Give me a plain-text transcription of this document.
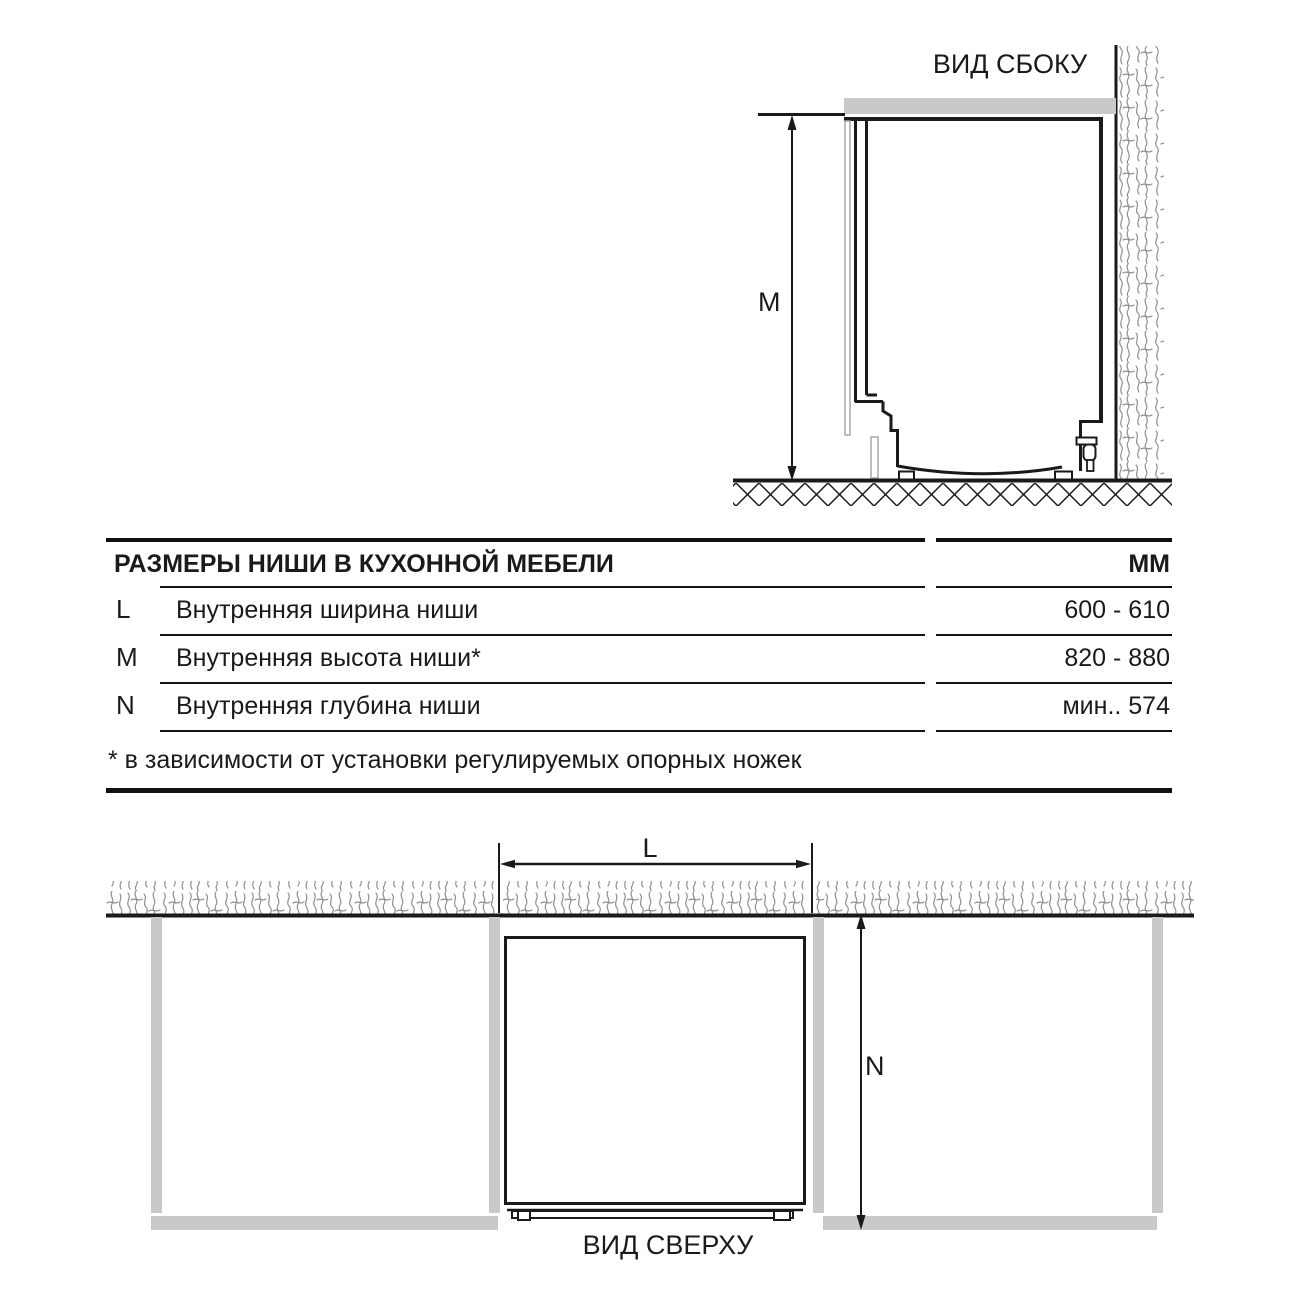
ВИД СБОКУ
M
L
N
ВИД СВЕРХУ
РАЗМЕРЫ НИШИ В КУХОННОЙ МЕБЕЛИ	ММ
L Внутренняя ширина ниши	600 - 610
M Внутренняя высота ниши*	820 - 880
N Внутренняя глубина ниши	мин.. 574
* в зависимости от установки регулируемых опорных ножек
